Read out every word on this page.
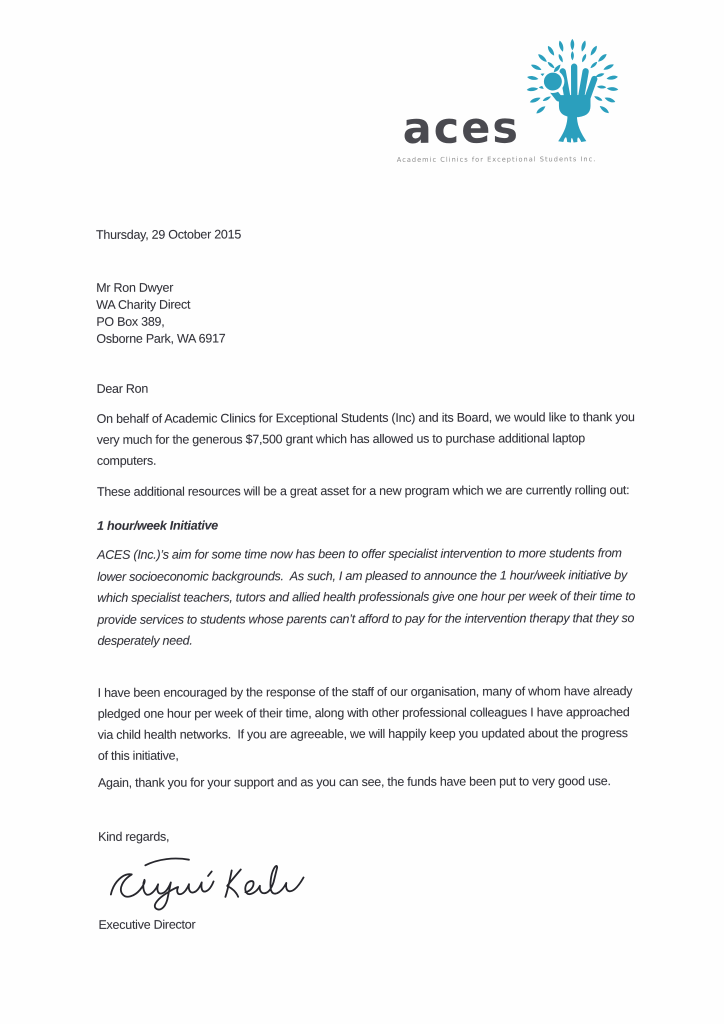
aces
Academic Clinics for Exceptional Students Inc.

Thursday, 29 October 2015

Mr Ron Dwyer
WA Charity Direct
PO Box 389,
Osborne Park, WA 6917

Dear Ron

On behalf of Academic Clinics for Exceptional Students (Inc) and its Board, we would like to thank you very much for the generous $7,500 grant which has allowed us to purchase additional laptop computers.

These additional resources will be a great asset for a new program which we are currently rolling out:

1 hour/week Initiative

ACES (Inc.)’s aim for some time now has been to offer specialist intervention to more students from lower socioeconomic backgrounds.  As such, I am pleased to announce the 1 hour/week initiative by which specialist teachers, tutors and allied health professionals give one hour per week of their time to provide services to students whose parents can’t afford to pay for the intervention therapy that they so desperately need.

I have been encouraged by the response of the staff of our organisation, many of whom have already pledged one hour per week of their time, along with other professional colleagues I have approached via child health networks.  If you are agreeable, we will happily keep you updated about the progress of this initiative,

Again, thank you for your support and as you can see, the funds have been put to very good use.

Kind regards,

Executive Director
